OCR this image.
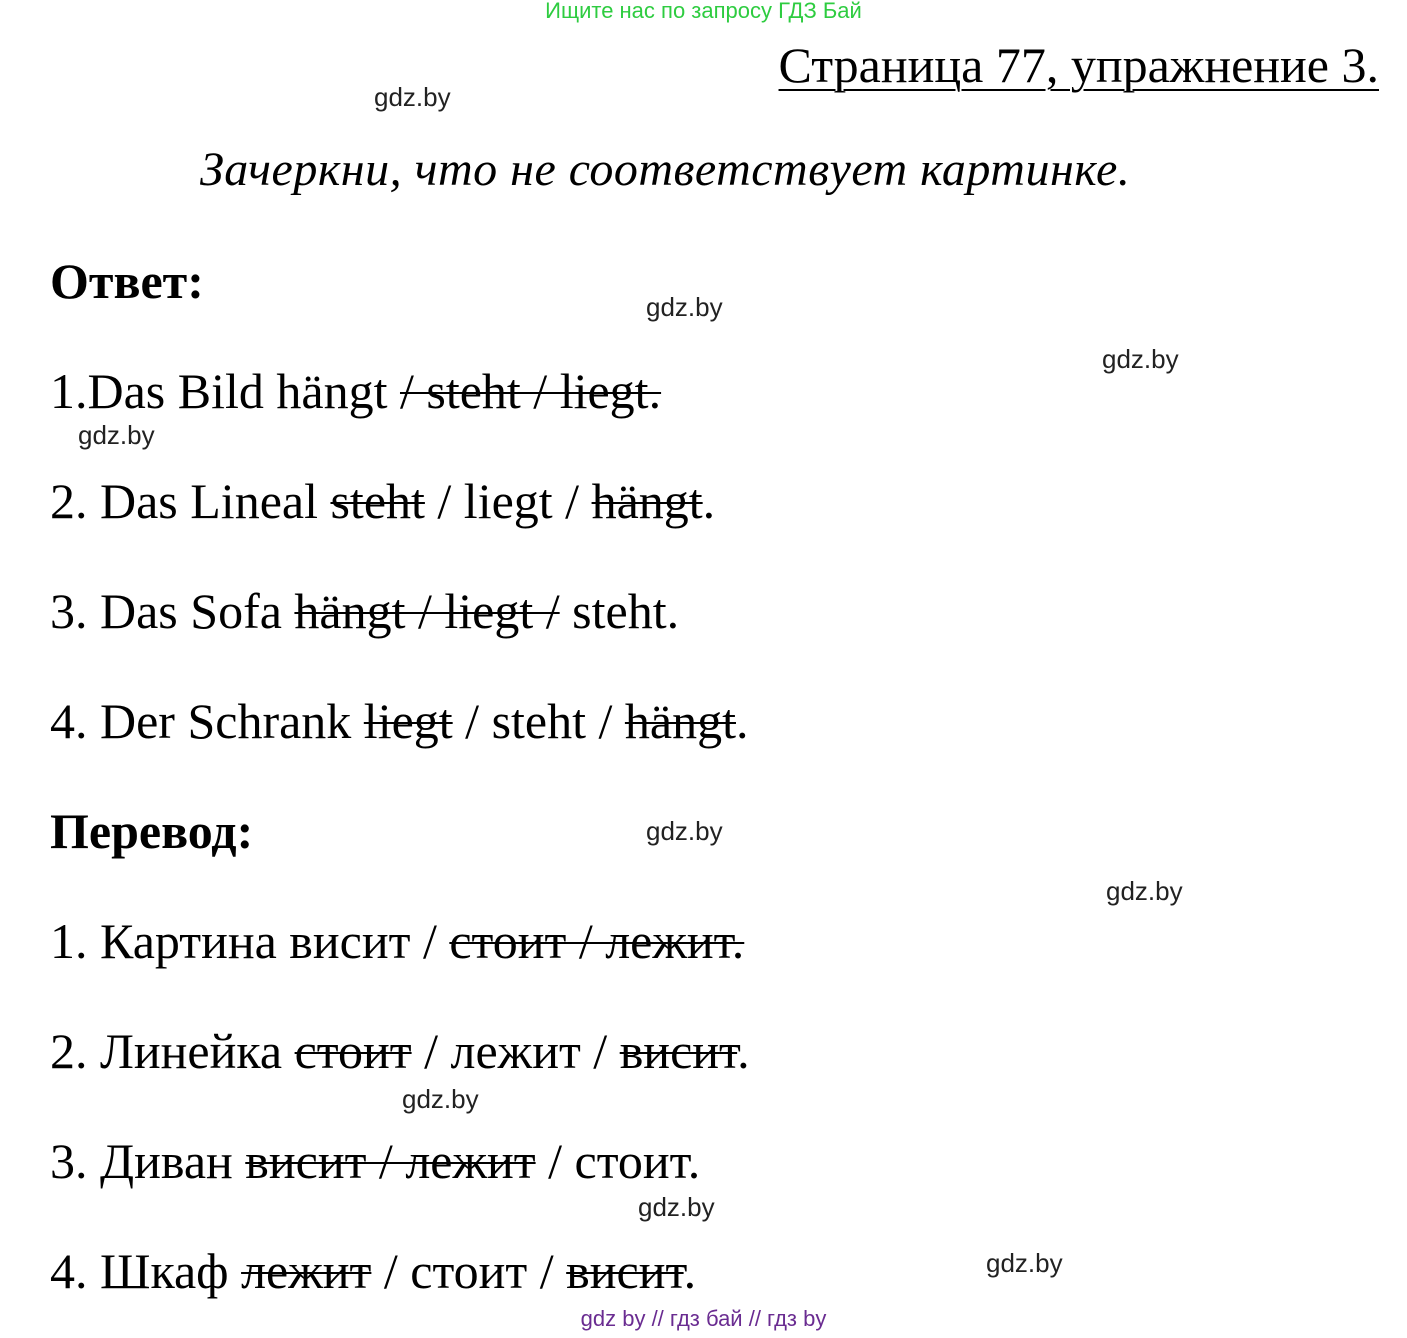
Ищите нас по запросу ГДЗ Бай
Страница 77, упражнение 3.
Зачеркни, что не соответствует картинке.
Ответ:
1.Das Bild hängt / steht / liegt.
2. Das Lineal steht / liegt / hängt.
3. Das Sofa hängt / liegt / steht.
4. Der Schrank liegt / steht / hängt.
Перевод:
1. Картина висит / стоит / лежит.
2. Линейка стоит / лежит / висит.
3. Диван висит / лежит / стоит.
4. Шкаф лежит / стоит / висит.
gdz.by
gdz.by
gdz.by
gdz.by
gdz.by
gdz.by
gdz.by
gdz.by
gdz.by
gdz by // гдз бай // гдз by
